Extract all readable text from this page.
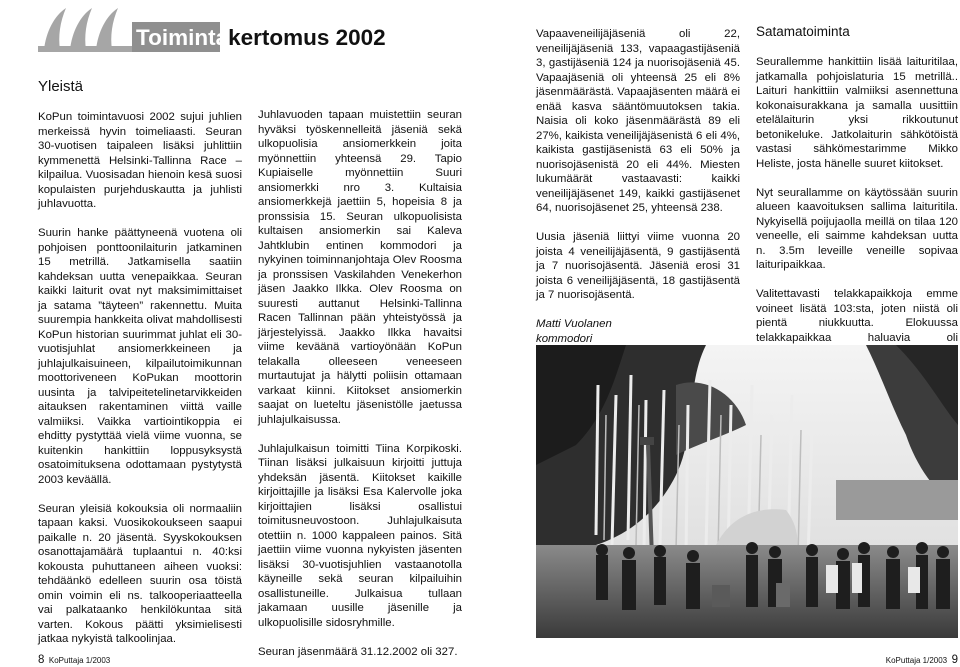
Toimintakertomus 2002
Yleistä

KoPun toimintavuosi 2002 sujui juhlien merkeissä hyvin toimeliaasti. Seuran 30-vuotisen taipaleen lisäksi juhlittiin kymmenettä Helsinki-Tallinna Race – kilpailua. Vuosisadan hienoin kesä suosi kopulaisten purjehduskautta ja juhlisti juhlavuotta.

Suurin hanke päättyneenä vuotena oli pohjoisen ponttoonilaiturin jatkaminen 15 metrillä. Jatkamisella saatiin kahdeksan uutta venepaikkaa. Seuran kaikki laiturit ovat nyt maksimimittaiset ja satama ”täyteen” rakennettu. Muita suurempia hankkeita olivat mahdollisesti KoPun historian suurimmat juhlat eli 30-vuotisjuhlat ansiomerkkeineen ja juhlajulkaisuineen, kilpailutoimikunnan moottoriveneen KoPukan moottorin uusinta ja talvipeitetelinetarvikkeiden aitauksen rakentaminen viittä vaille valmiiksi. Vaikka vartiointikoppia ei ehditty pystyttää vielä viime vuonna, se kuitenkin hankittiin loppusyksystä osatoimituksena odottamaan pystytystä 2003 keväällä.

Seuran yleisiä kokouksia oli normaaliin tapaan kaksi. Vuosikokoukseen saapui paikalle n. 20 jäsentä. Syyskokouksen osanottajamäärä tuplaantui n. 40:ksi kokousta puhuttaneen aiheen vuoksi: tehdäänkö edelleen suurin osa töistä omin voimin eli ns. talkooperiaatteella vai palkataanko henkilökuntaa sitä varten. Kokous päätti yksimielisesti jatkaa nykyistä talkoolinjaa.

Juhlavuoden tapaan muistettiin seuran hyväksi työskennelleitä jäseniä sekä ulkopuolisia ansiomerkkein joita myönnettiin yhteensä 29. Tapio Kupiaiselle myönnettiin Suuri ansiomerkki nro 3. Kultaisia ansiomerkkejä jaettiin 5, hopeisia 8 ja pronssisia 15. Seuran ulkopuolisista kultaisen ansiomerkin sai Kaleva Jahtklubin entinen kommodori ja nykyinen toiminnanjohtaja Olev Roosma ja pronssisen Vaskilahden Venekerhon jäsen Jaakko Ilkka. Olev Roosma on suuresti auttanut Helsinki-Tallinna Racen Tallinnan pään yhteistyössä ja järjestelyissä. Jaakko Ilkka havaitsi viime keväänä vartioyönään KoPun telakalla olleeseen veneeseen murtautujat ja hälytti poliisin ottamaan varkaat kiinni. Kiitokset ansiomerkin saajat on lueteltu jäsenistölle jaetussa juhlajulkaisussa.

Juhlajulkaisun toimitti Tiina Korpikoski. Tiinan lisäksi julkaisuun kirjoitti juttuja yhdeksän jäsentä. Kiitokset kaikille kirjoittajille ja lisäksi Esa Kalervolle joka kirjoittajien lisäksi osallistui toimitusneuvostoon. Juhlajulkaisuta otettiin n. 1000 kappaleen painos. Sitä jaettiin viime vuonna nykyisten jäsenten lisäksi 30-vuotisjuhlien vastaanotolla käyneille sekä seuran kilpailuihin osallistuneille. Julkaisua tullaan jakamaan uusille jäsenille ja ulkopuolisille sidosryhmille.

Seuran jäsenmäärä 31.12.2002 oli 327.

Vapaaveneilijäjäseniä oli 22, veneilijäjäseniä 133, vapaagastijäseniä 3, gastijäseniä 124 ja nuorisojäseniä 45. Vapaajäseniä oli yhteensä 25 eli 8% jäsenmäärästä. Vapaajäsenten määrä ei enää kasva sääntömuutoksen takia. Naisia oli koko jäsenmäärästä 89 eli 27%, kaikista veneilijäjäsenistä 6 eli 4%, kaikista gastijäsenistä 63 eli 50% ja nuorisojäsenistä 20 eli 44%. Miesten lukumäärät vastaavasti: kaikki veneilijäjäsenet 149, kaikki gastijäsenet 64, nuorisojäsenet 25, yhteensä 238.

Uusia jäseniä liittyi viime vuonna 20 joista 4 veneilijäjäsentä, 9 gastijäsentä ja 7 nuorisojäsentä. Jäseniä erosi 31 joista 6 veneilijäjäsentä, 18 gastijäsentä ja 7 nuorisojäsentä.

Matti Vuolanen
kommodori

Satamatoiminta

Seurallemme hankittiin lisää laituritilaa, jatkamalla pohjoislaturia 15 metrillä.. Laituri hankittiin valmiiksi asennettuna kokonaisurakkana ja samalla uusittiin etelälaiturin yksi rikkoutunut betonikeluke. Jatkolaiturin sähkötöistä vastasi sähkömestarimme Mikko Heliste, josta hänelle suuret kiitokset.

Nyt seurallamme on käytössään suurin alueen kaavoituksen sallima laituritila. Nykyisellä poijujaolla meillä on tilaa 120 veneelle, eli saimme kahdeksan uutta n. 3.5m leveille veneille sopivaa laituripaikkaa.

Valitettavasti telakkapaikkoja emme voineet lisätä 103:sta, joten niistä oli pientä niukkuutta. Elokuussa telakkapaikkaa haluavia oli

8 KoPuttaja 1/2003	KoPuttaja 1/2003 9
